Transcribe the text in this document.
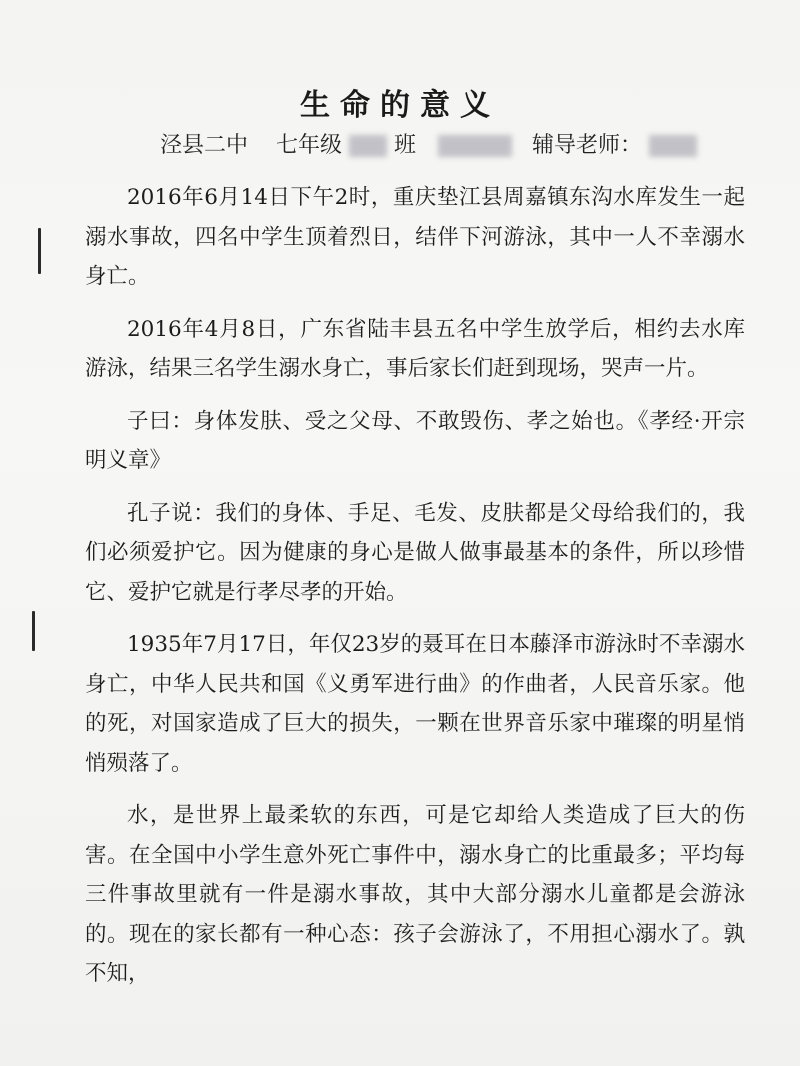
生命的意义
泾县二中 七年级 班	辅导老师：

2016年6月14日下午2时，重庆垫江县周嘉镇东沟水库发生一起溺水事故，四名中学生顶着烈日，结伴下河游泳，其中一人不幸溺水身亡。

2016年4月8日，广东省陆丰县五名中学生放学后，相约去水库游泳，结果三名学生溺水身亡，事后家长们赶到现场，哭声一片。

子曰：身体发肤、受之父母、不敢毁伤、孝之始也。《孝经·开宗明义章》

孔子说：我们的身体、手足、毛发、皮肤都是父母给我们的，我们必须爱护它。因为健康的身心是做人做事最基本的条件，所以珍惜它、爱护它就是行孝尽孝的开始。

1935年7月17日，年仅23岁的聂耳在日本藤泽市游泳时不幸溺水身亡，中华人民共和国《义勇军进行曲》的作曲者，人民音乐家。他的死，对国家造成了巨大的损失，一颗在世界音乐家中璀璨的明星悄悄殒落了。

水，是世界上最柔软的东西，可是它却给人类造成了巨大的伤害。在全国中小学生意外死亡事件中，溺水身亡的比重最多；平均每三件事故里就有一件是溺水事故，其中大部分溺水儿童都是会游泳的。现在的家长都有一种心态：孩子会游泳了，不用担心溺水了。孰不知，
